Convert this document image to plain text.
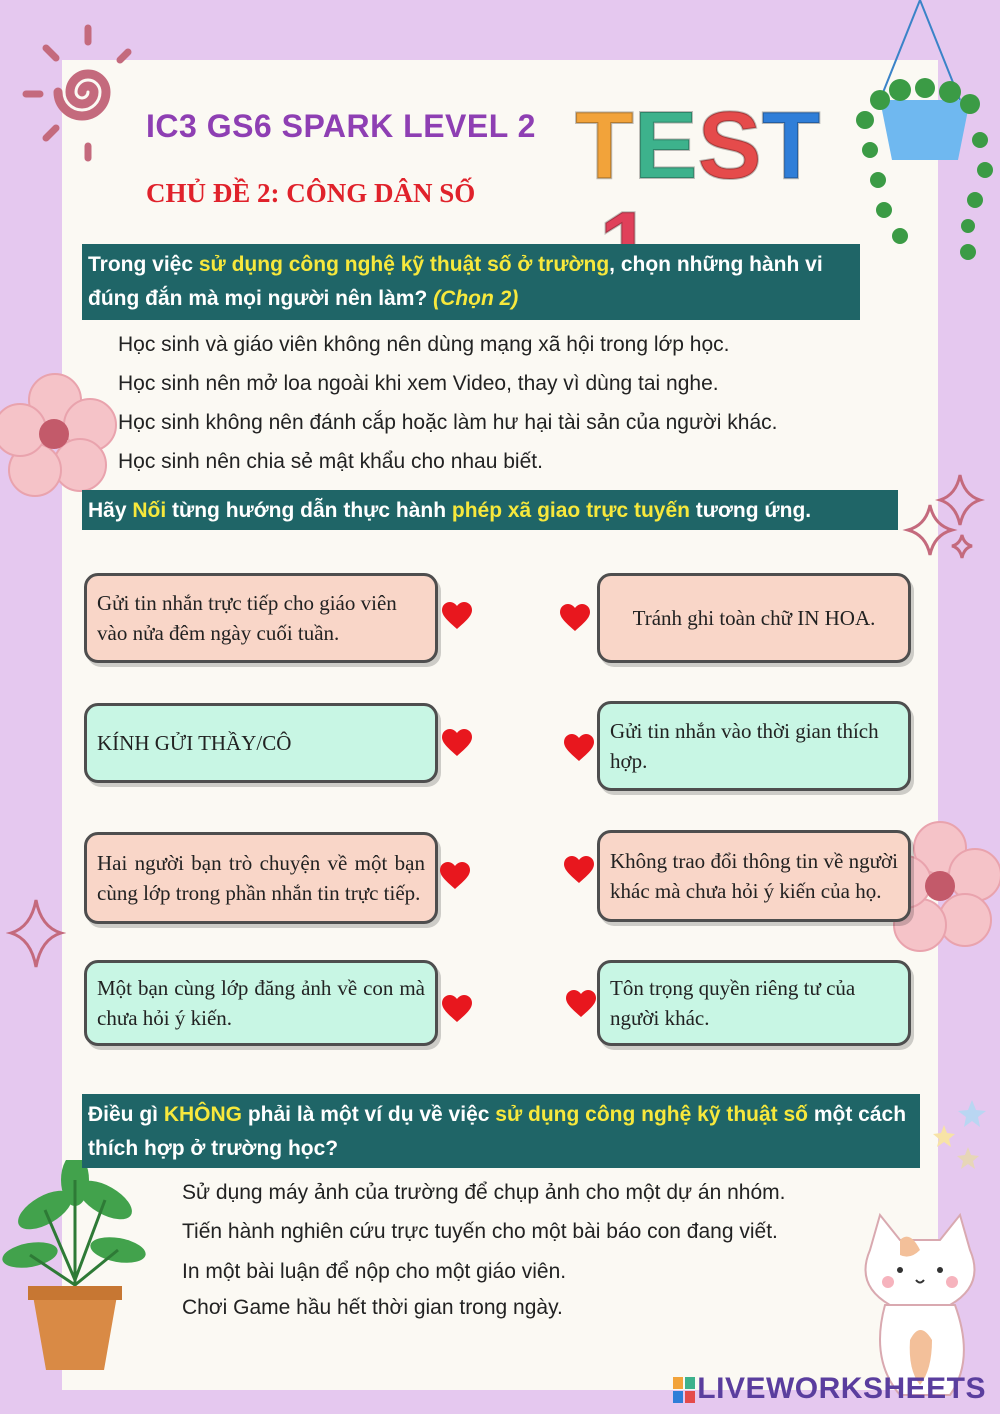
IC3 GS6 SPARK LEVEL 2
CHỦ ĐỀ 2: CÔNG DÂN SỐ TEST
Trong việc sử dụng công nghệ kỹ thuật số ở trường, chọn những hành vi đúng đắn mà mọi người nên làm? (Chọn 2)
Học sinh và giáo viên không nên dùng mạng xã hội trong lớp học.
Học sinh nên mở loa ngoài khi xem Video, thay vì dùng tai nghe.
Học sinh không nên đánh cắp hoặc làm hư hại tài sản của người khác.
Học sinh nên chia sẻ mật khẩu cho nhau biết.
Hãy Nối từng hướng dẫn thực hành phép xã giao trực tuyến tương ứng.
Gửi tin nhắn trực tiếp cho giáo viên vào nửa đêm ngày cuối tuần.
KÍNH GỬI THẦY/CÔ
Hai người bạn trò chuyện về một bạn cùng lớp trong phần nhắn tin trực tiếp.
Một bạn cùng lớp đăng ảnh về con mà chưa hỏi ý kiến.
Tránh ghi toàn chữ IN HOA.
Gửi tin nhắn vào thời gian thích hợp.
Không trao đổi thông tin về người khác mà chưa hỏi ý kiến của họ.
Tôn trọng quyền riêng tư của người khác.
Điều gì KHÔNG phải là một ví dụ về việc sử dụng công nghệ kỹ thuật số một cách thích hợp ở trường học?
Sử dụng máy ảnh của trường để chụp ảnh cho một dự án nhóm.
Tiến hành nghiên cứu trực tuyến cho một bài báo con đang viết.
In một bài luận để nộp cho một giáo viên.
Chơi Game hầu hết thời gian trong ngày.
LIVEWORKSHEETS
